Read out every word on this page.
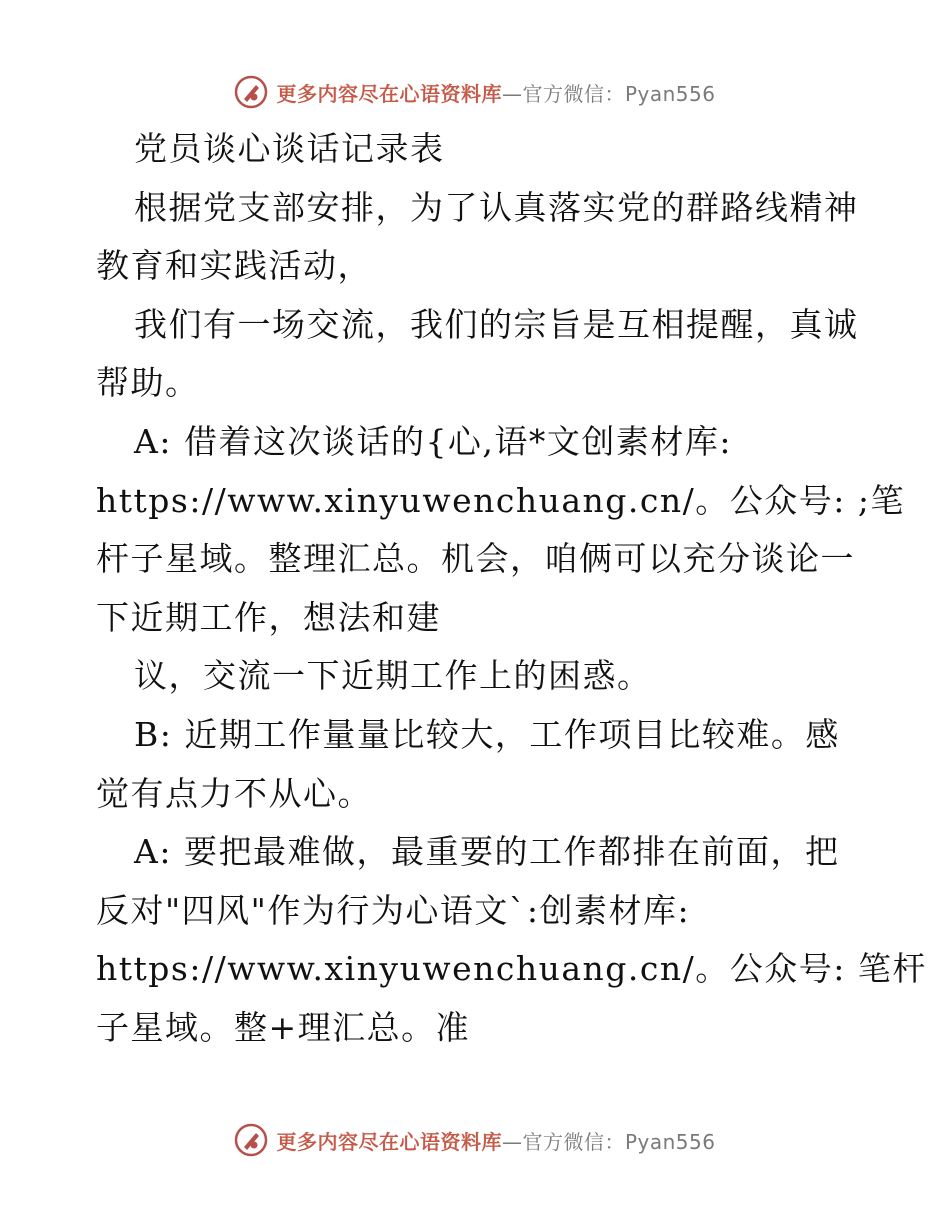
更多内容尽在心语资料库—官方微信：Pyan556
党员谈心谈话记录表
根据党支部安排，为了认真落实党的群路线精神
教育和实践活动，
我们有一场交流，我们的宗旨是互相提醒，真诚
帮助。
A: 借着这次谈话的{心,语*文创素材库:
https://www.xinyuwenchuang.cn/。公众号: ;笔
杆子星域。整理汇总。机会，咱俩可以充分谈论一
下近期工作，想法和建
议，交流一下近期工作上的困惑。
B: 近期工作量量比较大，工作项目比较难。感
觉有点力不从心。
A: 要把最难做，最重要的工作都排在前面，把
反对"四风"作为行为心语文`:创素材库:
https://www.xinyuwenchuang.cn/。公众号: 笔杆
子星域。整+理汇总。准
更多内容尽在心语资料库—官方微信：Pyan556
